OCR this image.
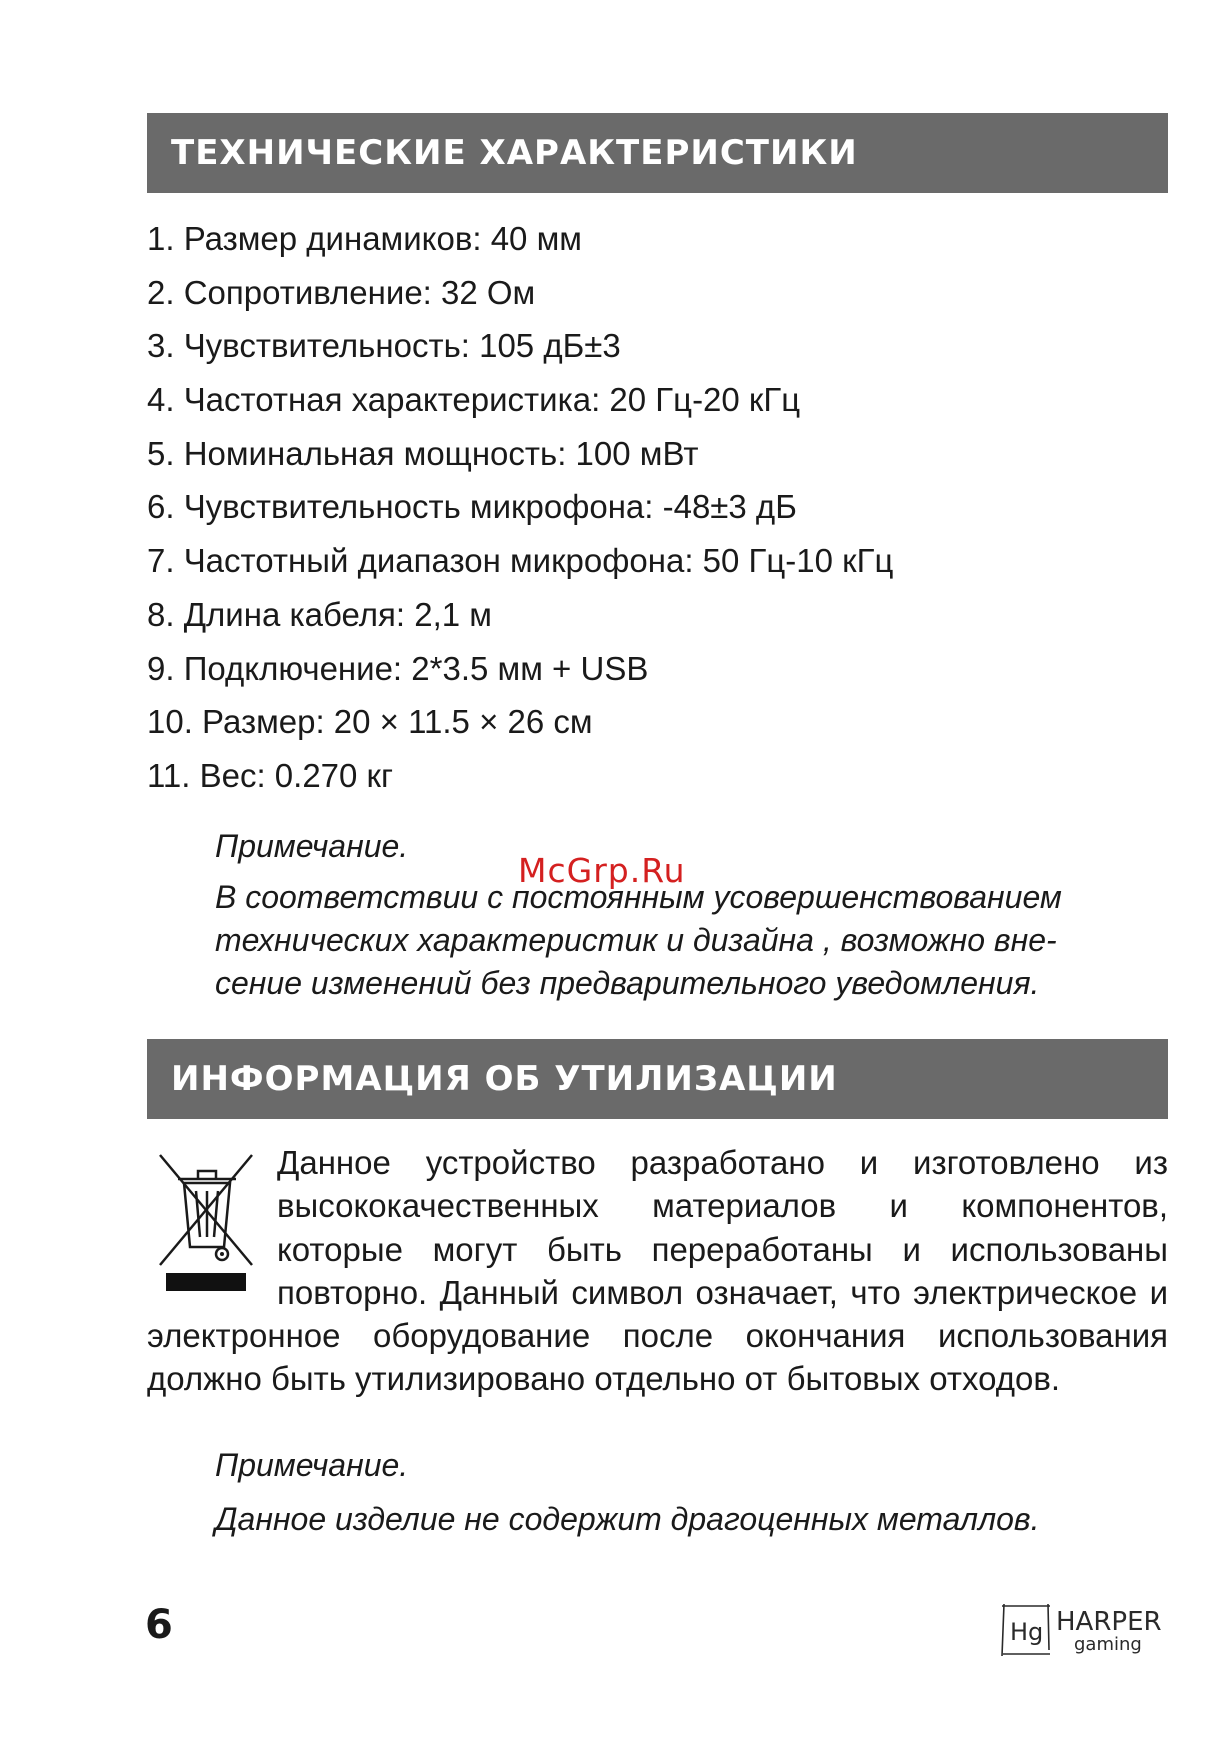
ТЕХНИЧЕСКИЕ ХАРАКТЕРИСТИКИ
1. Размер динамиков: 40 мм
2. Сопротивление: 32 Ом
3. Чувствительность: 105 дБ±3
4. Частотная характеристика: 20 Гц-20 кГц
5. Номинальная мощность: 100 мВт
6. Чувствительность микрофона: -48±3 дБ
7. Частотный диапазон микрофона: 50 Гц-10 кГц
8. Длина кабеля: 2,1 м
9. Подключение: 2*3.5 мм + USB
10. Размер: 20 × 11.5 × 26 см
11. Вес: 0.270 кг
Примечание.
В соответствии с постоянным усовершенствованием технических характеристик и дизайна , возможно вне-сение изменений без предварительного уведомления.
McGrp.Ru
ИНФОРМАЦИЯ ОБ УТИЛИЗАЦИИ

Данное устройство разработано и изготовлено из высококачественных материалов и компонентов, которые могут быть переработаны и использованы повторно. Данный символ означает, что электрическое и электронное оборудование после окончания использования должно быть утилизировано отдельно от бытовых отходов.

Примечание.
Данное изделие не содержит драгоценных металлов.
6	Hg HARPER
gaming
